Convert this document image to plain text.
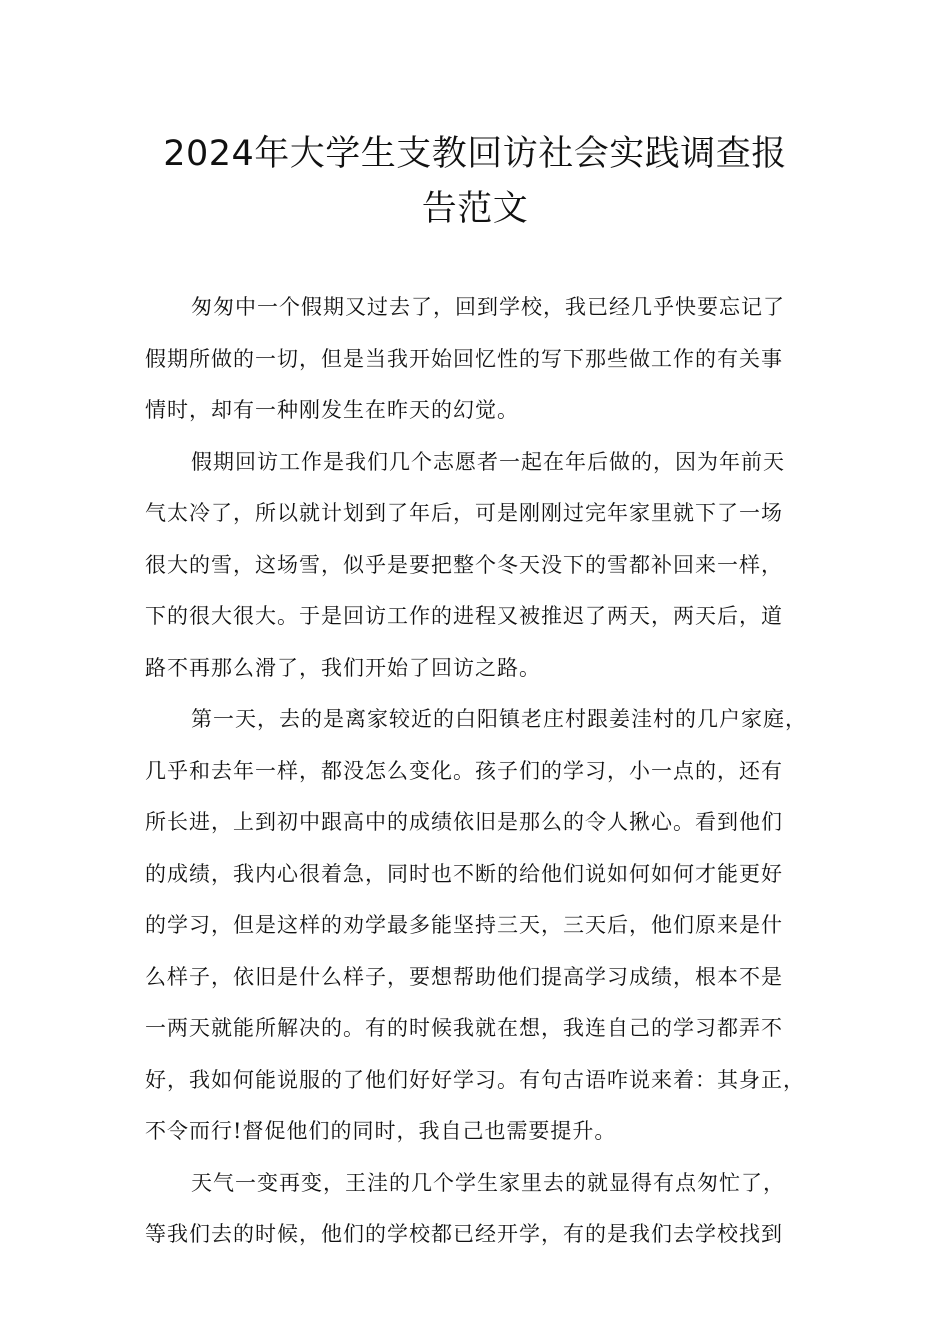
2024年大学生支教回访社会实践调查报
告范文

匆匆中一个假期又过去了，回到学校，我已经几乎快要忘记了
假期所做的一切，但是当我开始回忆性的写下那些做工作的有关事
情时，却有一种刚发生在昨天的幻觉。

假期回访工作是我们几个志愿者一起在年后做的，因为年前天
气太冷了，所以就计划到了年后，可是刚刚过完年家里就下了一场
很大的雪，这场雪，似乎是要把整个冬天没下的雪都补回来一样，
下的很大很大。于是回访工作的进程又被推迟了两天，两天后，道
路不再那么滑了，我们开始了回访之路。

第一天，去的是离家较近的白阳镇老庄村跟姜洼村的几户家庭，
几乎和去年一样，都没怎么变化。孩子们的学习，小一点的，还有
所长进，上到初中跟高中的成绩依旧是那么的令人揪心。看到他们
的成绩，我内心很着急，同时也不断的给他们说如何如何才能更好
的学习，但是这样的劝学最多能坚持三天，三天后，他们原来是什
么样子，依旧是什么样子，要想帮助他们提高学习成绩，根本不是
一两天就能所解决的。有的时候我就在想，我连自己的学习都弄不
好，我如何能说服的了他们好好学习。有句古语咋说来着：其身正，
不令而行!督促他们的同时，我自己也需要提升。

天气一变再变，王洼的几个学生家里去的就显得有点匆忙了，
等我们去的时候，他们的学校都已经开学，有的是我们去学校找到
